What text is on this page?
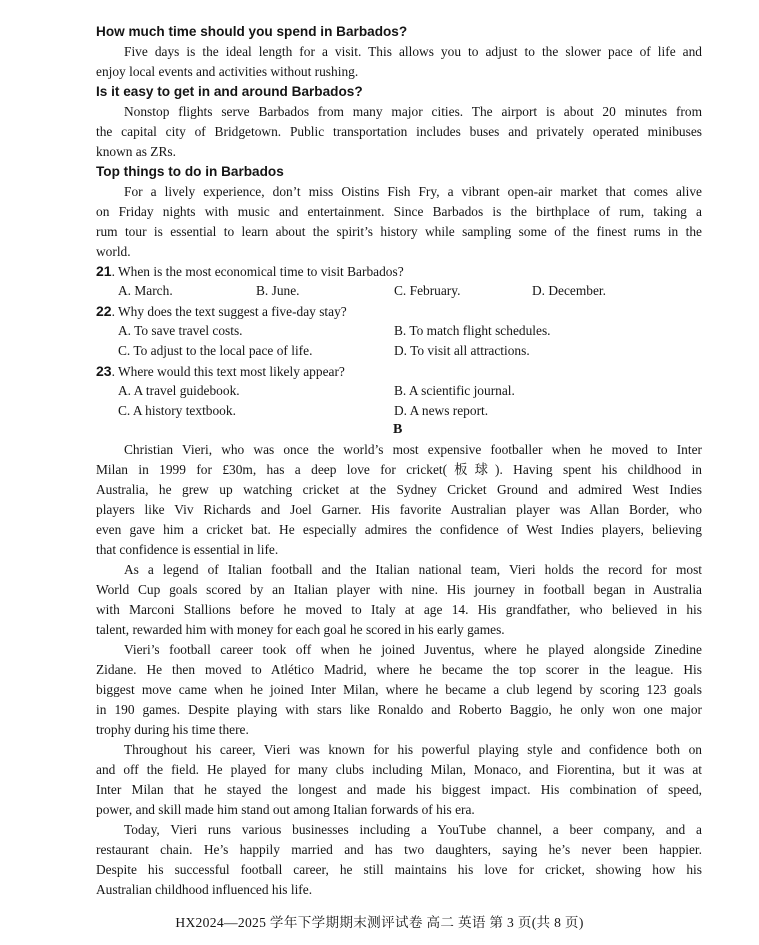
How much time should you spend in Barbados?
Five days is the ideal length for a visit. This allows you to adjust to the slower pace of life and
enjoy local events and activities without rushing.
Is it easy to get in and around Barbados?
Nonstop flights serve Barbados from many major cities. The airport is about 20 minutes from
the capital city of Bridgetown. Public transportation includes buses and privately operated minibuses
known as ZRs.
Top things to do in Barbados
For a lively experience, don’t miss Oistins Fish Fry, a vibrant open-air market that comes alive
on Friday nights with music and entertainment. Since Barbados is the birthplace of rum, taking a
rum tour is essential to learn about the spirit’s history while sampling some of the finest rums in the
world.
21. When is the most economical time to visit Barbados?
A. March.	B. June.	C. February.	D. December.
22. Why does the text suggest a five-day stay?
A. To save travel costs.	B. To match flight schedules.
C. To adjust to the local pace of life.	D. To visit all attractions.
23. Where would this text most likely appear?
A. A travel guidebook.	B. A scientific journal.
C. A history textbook.	D. A news report.
B
Christian Vieri, who was once the world’s most expensive footballer when he moved to Inter
Milan in 1999 for £30m, has a deep love for cricket(板球). Having spent his childhood in
Australia, he grew up watching cricket at the Sydney Cricket Ground and admired West Indies
players like Viv Richards and Joel Garner. His favorite Australian player was Allan Border, who
even gave him a cricket bat. He especially admires the confidence of West Indies players, believing
that confidence is essential in life.
As a legend of Italian football and the Italian national team, Vieri holds the record for most
World Cup goals scored by an Italian player with nine. His journey in football began in Australia
with Marconi Stallions before he moved to Italy at age 14. His grandfather, who believed in his
talent, rewarded him with money for each goal he scored in his early games.
Vieri’s football career took off when he joined Juventus, where he played alongside Zinedine
Zidane. He then moved to Atlético Madrid, where he became the top scorer in the league. His
biggest move came when he joined Inter Milan, where he became a club legend by scoring 123 goals
in 190 games. Despite playing with stars like Ronaldo and Roberto Baggio, he only won one major
trophy during his time there.
Throughout his career, Vieri was known for his powerful playing style and confidence both on
and off the field. He played for many clubs including Milan, Monaco, and Fiorentina, but it was at
Inter Milan that he stayed the longest and made his biggest impact. His combination of speed,
power, and skill made him stand out among Italian forwards of his era.
Today, Vieri runs various businesses including a YouTube channel, a beer company, and a
restaurant chain. He’s happily married and has two daughters, saying he’s never been happier.
Despite his successful football career, he still maintains his love for cricket, showing how his
Australian childhood influenced his life.
HX2024—2025 学年下学期期末测评试卷 高二 英语 第 3 页(共 8 页)
